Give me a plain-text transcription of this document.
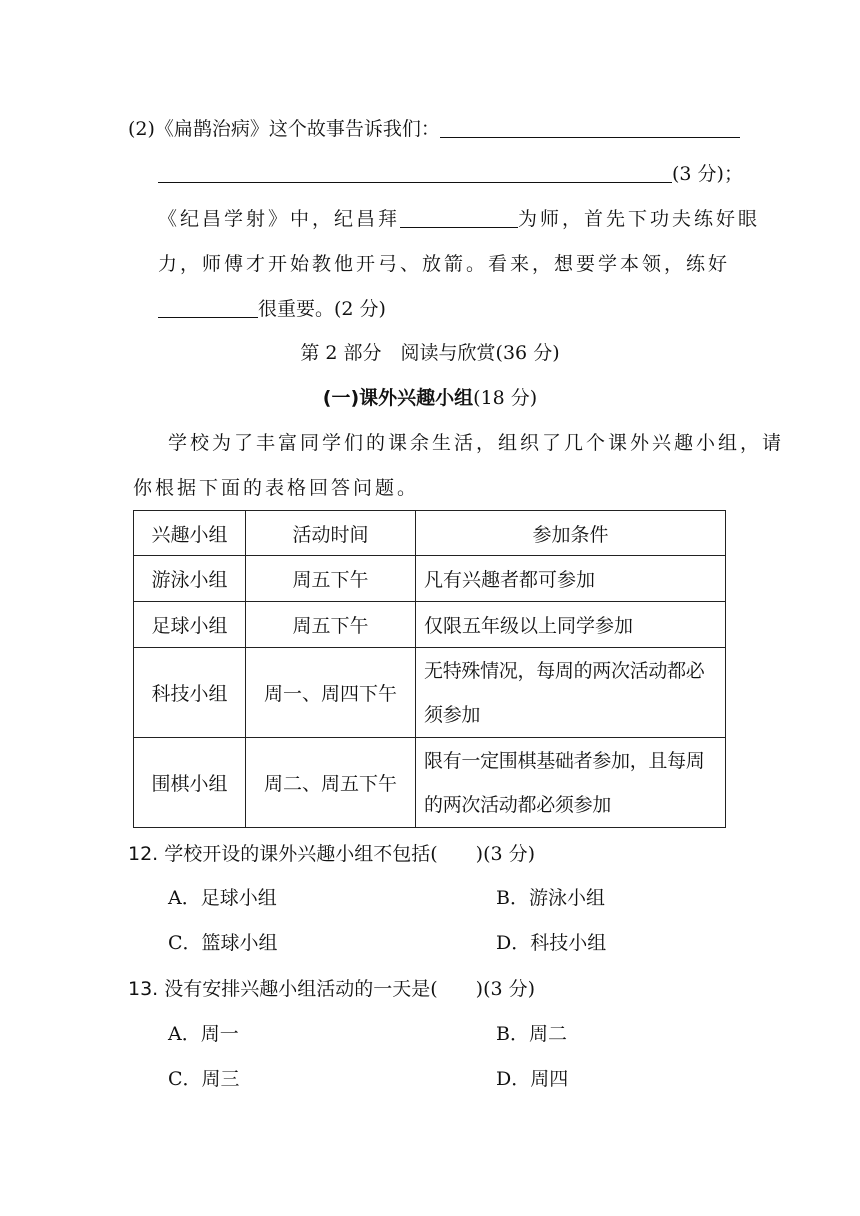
(2)《扁鹊治病》这个故事告诉我们：
(3 分)；
《纪昌学射》中，纪昌拜	为师，首先下功夫练好眼
力，师傅才开始教他开弓、放箭。看来，想要学本领，练好
很重要。(2 分)
第 2 部分　阅读与欣赏(36 分)
(一)课外兴趣小组(18 分)
学校为了丰富同学们的课余生活，组织了几个课外兴趣小组，请
你根据下面的表格回答问题。
兴趣小组	活动时间	参加条件
游泳小组	周五下午	凡有兴趣者都可参加
足球小组	周五下午	仅限五年级以上同学参加
科技小组	周一、周四下午	无特殊情况，每周的两次活动都必须参加
围棋小组	周二、周五下午	限有一定围棋基础者参加，且每周的两次活动都必须参加
12. 学校开设的课外兴趣小组不包括(　　)(3 分)
A．足球小组	B．游泳小组
C．篮球小组	D．科技小组
13. 没有安排兴趣小组活动的一天是(　　)(3 分)
A．周一	B．周二
C．周三	D．周四
